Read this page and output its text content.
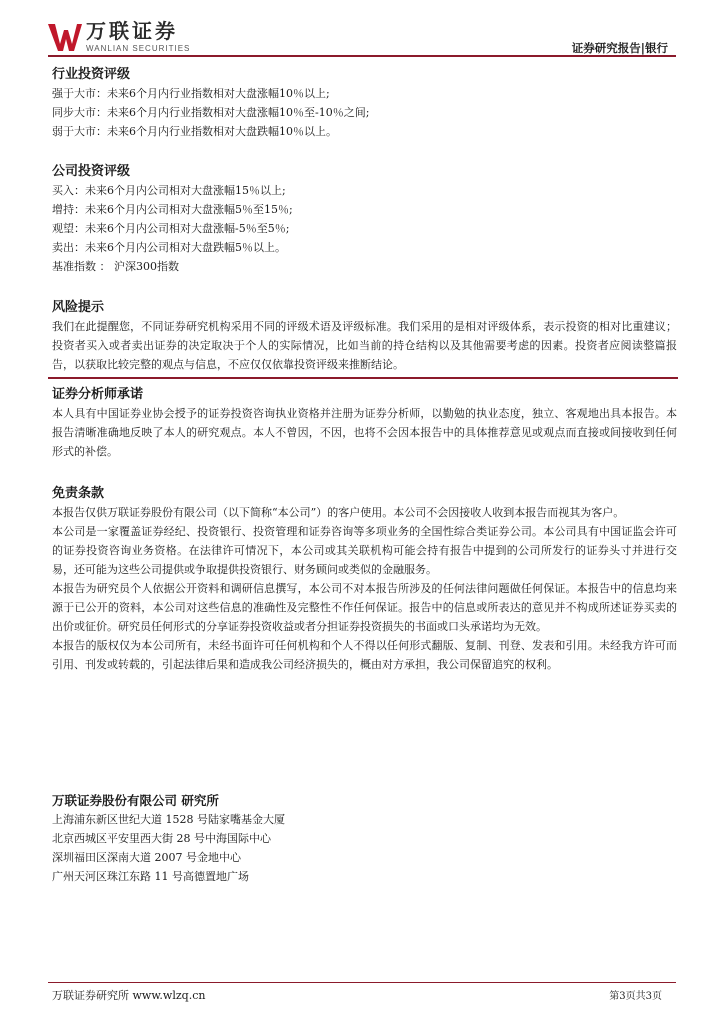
万联证券
WANLIAN SECURITIES	证券研究报告|银行

行业投资评级

强于大市：未来6个月内行业指数相对大盘涨幅10％以上;

同步大市：未来6个月内行业指数相对大盘涨幅10％至-10％之间;

弱于大市：未来6个月内行业指数相对大盘跌幅10％以上。

公司投资评级

买入：未来6个月内公司相对大盘涨幅15％以上;

增持：未来6个月内公司相对大盘涨幅5％至15％;

观望：未来6个月内公司相对大盘涨幅-5％至5％;

卖出：未来6个月内公司相对大盘跌幅5％以上。

基准指数 ： 沪深300指数

风险提示

我们在此提醒您，不同证券研究机构采用不同的评级术语及评级标准。我们采用的是相对评级体系，表示投资的相对比重建议；投资者买入或者卖出证券的决定取决于个人的实际情况，比如当前的持仓结构以及其他需要考虑的因素。投资者应阅读整篇报告，以获取比较完整的观点与信息，不应仅仅依靠投资评级来推断结论。

证券分析师承诺

本人具有中国证券业协会授予的证券投资咨询执业资格并注册为证券分析师，以勤勉的执业态度，独立、客观地出具本报告。本报告清晰准确地反映了本人的研究观点。本人不曾因，不因，也将不会因本报告中的具体推荐意见或观点而直接或间接收到任何形式的补偿。

免责条款

本报告仅供万联证券股份有限公司（以下简称“本公司”）的客户使用。本公司不会因接收人收到本报告而视其为客户。

本公司是一家覆盖证券经纪、投资银行、投资管理和证券咨询等多项业务的全国性综合类证券公司。本公司具有中国证监会许可的证券投资咨询业务资格。在法律许可情况下，本公司或其关联机构可能会持有报告中提到的公司所发行的证券头寸并进行交易，还可能为这些公司提供或争取提供投资银行、财务顾问或类似的金融服务。

本报告为研究员个人依据公开资料和调研信息撰写，本公司不对本报告所涉及的任何法律问题做任何保证。本报告中的信息均来源于已公开的资料，本公司对这些信息的准确性及完整性不作任何保证。报告中的信息或所表达的意见并不构成所述证券买卖的出价或征价。研究员任何形式的分享证券投资收益或者分担证券投资损失的书面或口头承诺均为无效。

本报告的版权仅为本公司所有，未经书面许可任何机构和个人不得以任何形式翻版、复制、刊登、发表和引用。未经我方许可而引用、刊发或转载的，引起法律后果和造成我公司经济损失的，概由对方承担，我公司保留追究的权利。

万联证券股份有限公司 研究所

上海浦东新区世纪大道 1528 号陆家嘴基金大厦

北京西城区平安里西大街 28 号中海国际中心

深圳福田区深南大道 2007 号金地中心

广州天河区珠江东路 11 号高德置地广场

万联证券研究所 www.wlzq.cn	第3页共3页
